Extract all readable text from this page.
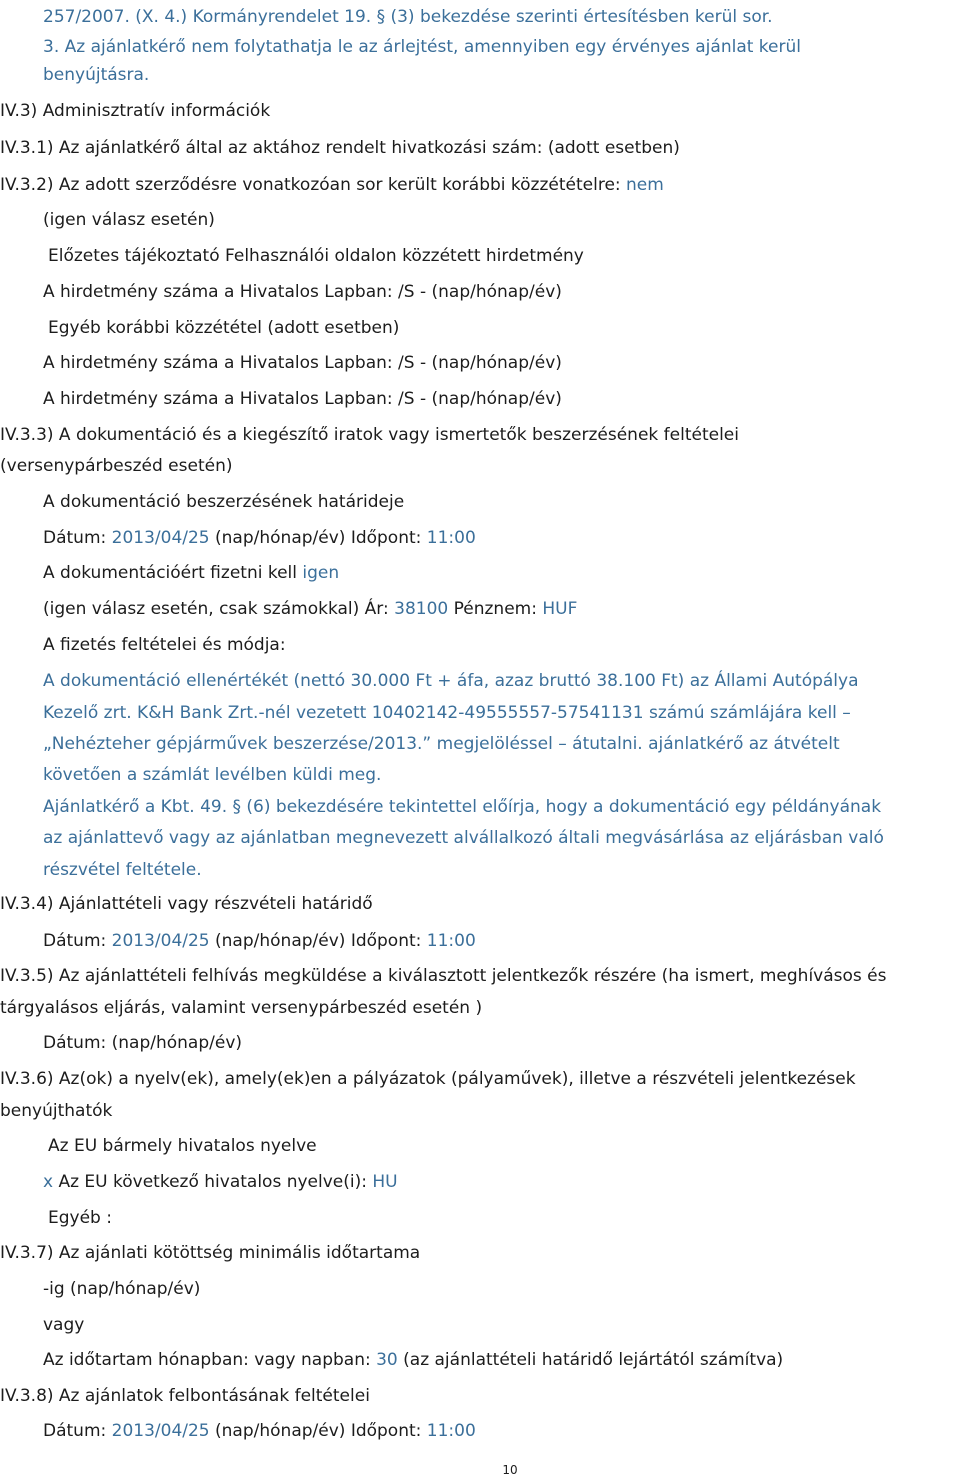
257/2007. (X. 4.) Kormányrendelet 19. § (3) bekezdése szerinti értesítésben kerül sor.
3. Az ajánlatkérő nem folytathatja le az árlejtést, amennyiben egy érvényes ajánlat kerül
benyújtásra.
IV.3) Adminisztratív információk
IV.3.1) Az ajánlatkérő által az aktához rendelt hivatkozási szám: (adott esetben)
IV.3.2) Az adott szerződésre vonatkozóan sor került korábbi közzétételre: nem
(igen válasz esetén)
Előzetes tájékoztató Felhasználói oldalon közzétett hirdetmény
A hirdetmény száma a Hivatalos Lapban: /S - (nap/hónap/év)
Egyéb korábbi közzététel (adott esetben)
A hirdetmény száma a Hivatalos Lapban: /S - (nap/hónap/év)
A hirdetmény száma a Hivatalos Lapban: /S - (nap/hónap/év)
IV.3.3) A dokumentáció és a kiegészítő iratok vagy ismertetők beszerzésének feltételei
(versenypárbeszéd esetén)
A dokumentáció beszerzésének határideje
Dátum: 2013/04/25 (nap/hónap/év) Időpont: 11:00
A dokumentációért fizetni kell igen
(igen válasz esetén, csak számokkal) Ár: 38100 Pénznem: HUF
A fizetés feltételei és módja:
A dokumentáció ellenértékét (nettó 30.000 Ft + áfa, azaz bruttó 38.100 Ft) az Állami Autópálya
Kezelő zrt. K&H Bank Zrt.-nél vezetett 10402142-49555557-57541131 számú számlájára kell –
„Nehézteher gépjárművek beszerzése/2013.” megjelöléssel – átutalni. ajánlatkérő az átvételt
követően a számlát levélben küldi meg.
Ajánlatkérő a Kbt. 49. § (6) bekezdésére tekintettel előírja, hogy a dokumentáció egy példányának
az ajánlattevő vagy az ajánlatban megnevezett alvállalkozó általi megvásárlása az eljárásban való
részvétel feltétele.
IV.3.4) Ajánlattételi vagy részvételi határidő
Dátum: 2013/04/25 (nap/hónap/év) Időpont: 11:00
IV.3.5) Az ajánlattételi felhívás megküldése a kiválasztott jelentkezők részére (ha ismert, meghívásos és
tárgyalásos eljárás, valamint versenypárbeszéd esetén )
Dátum: (nap/hónap/év)
IV.3.6) Az(ok) a nyelv(ek), amely(ek)en a pályázatok (pályaművek), illetve a részvételi jelentkezések
benyújthatók
Az EU bármely hivatalos nyelve
x Az EU következő hivatalos nyelve(i): HU
Egyéb :
IV.3.7) Az ajánlati kötöttség minimális időtartama
-ig (nap/hónap/év)
vagy
Az időtartam hónapban: vagy napban: 30 (az ajánlattételi határidő lejártától számítva)
IV.3.8) Az ajánlatok felbontásának feltételei
Dátum: 2013/04/25 (nap/hónap/év) Időpont: 11:00
10
